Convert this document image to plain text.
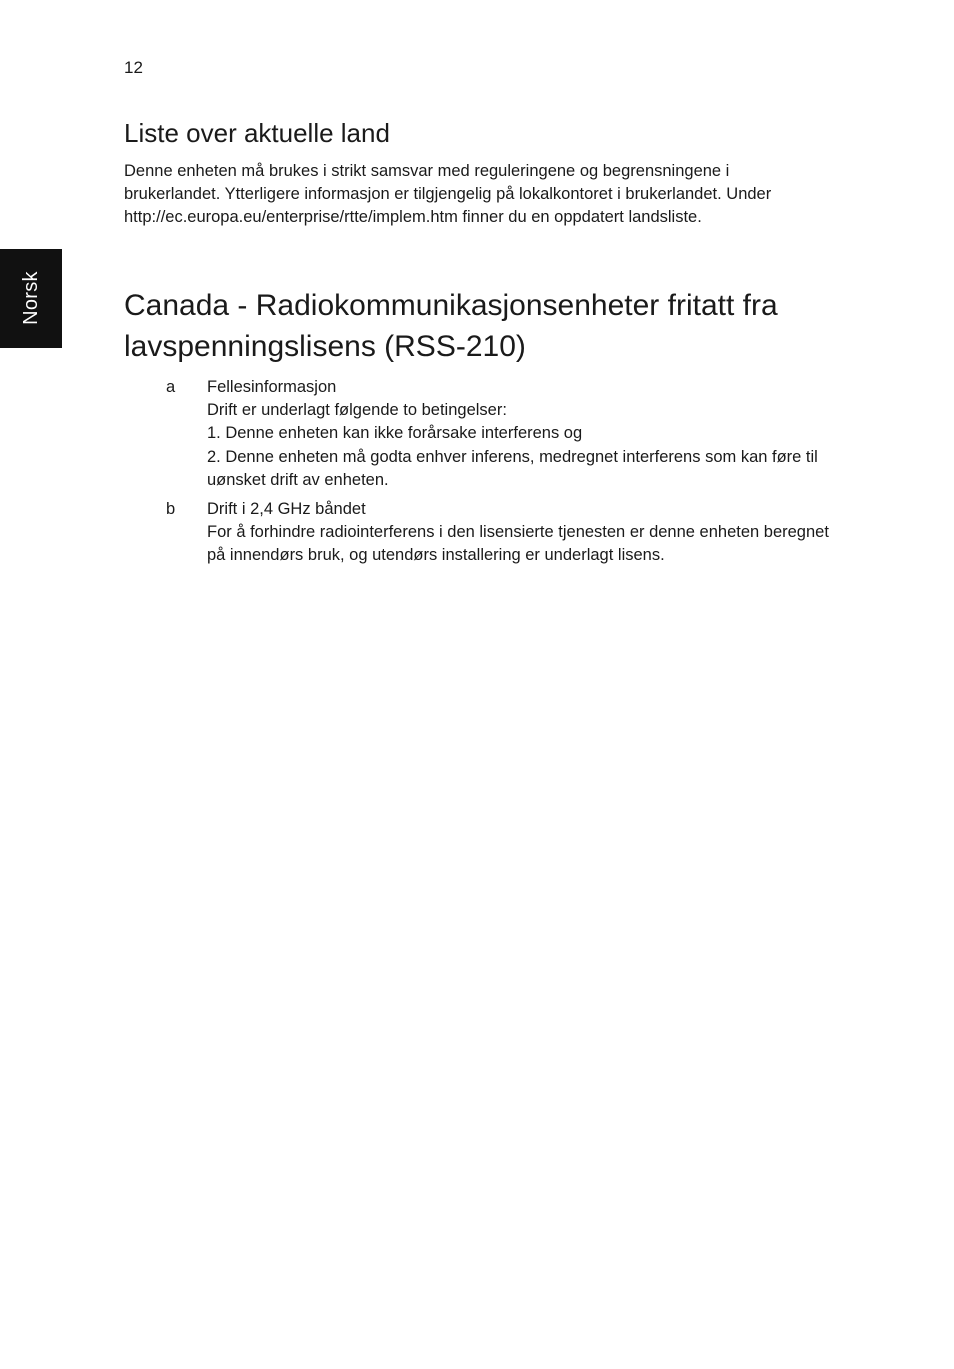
12
Norsk
Liste over aktuelle land

Denne enheten må brukes i strikt samsvar med reguleringene og begrensningene i brukerlandet. Ytterligere informasjon er tilgjengelig på lokalkontoret i brukerlandet. Under http://ec.europa.eu/enterprise/rtte/implem.htm finner du en oppdatert landsliste.

Canada - Radiokommunikasjonsenheter fritatt fra lavspenningslisens (RSS-210)
a Fellesinformasjon
Drift er underlagt følgende to betingelser:
1. Denne enheten kan ikke forårsake interferens og
2. Denne enheten må godta enhver inferens, medregnet interferens som kan føre til uønsket drift av enheten.
b Drift i 2,4 GHz båndet
For å forhindre radiointerferens i den lisensierte tjenesten er denne enheten beregnet på innendørs bruk, og utendørs installering er underlagt lisens.
